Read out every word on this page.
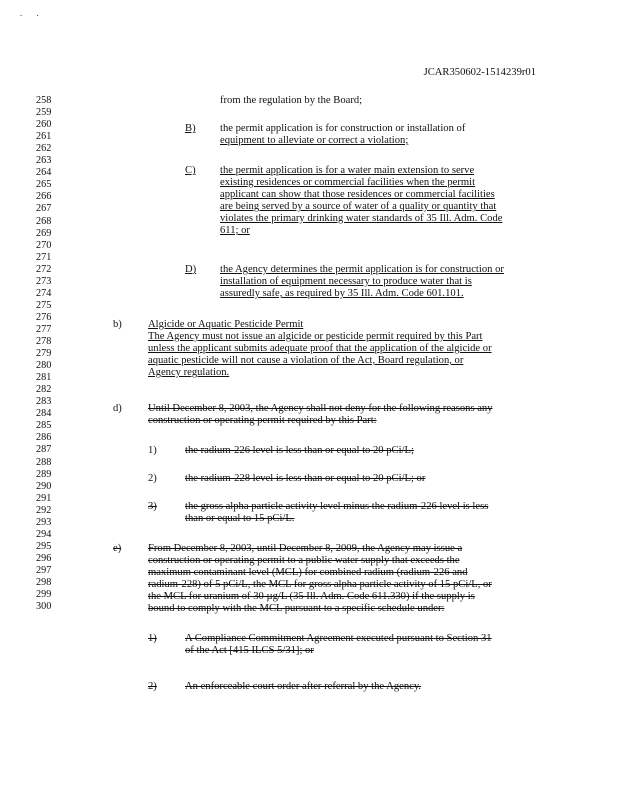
. .
JCAR350602-1514239r01
258
259
260
261
262
263
264
265
266
267
268
269
270
271
272
273
274
275
276
277
278
279
280
281
282
283
284
285
286
287
288
289
290
291
292
293
294
295
296
297
298
299
300
from the regulation by the Board;
B) the permit application is for construction or installation of
equipment to alleviate or correct a violation;
C) the permit application is for a water main extension to serve
existing residences or commercial facilities when the permit
applicant can show that those residences or commercial facilities
are being served by a source of water of a quality or quantity that
violates the primary drinking water standards of 35 Ill. Adm. Code
611; or
D) the Agency determines the permit application is for construction or
installation of equipment necessary to produce water that is
assuredly safe, as required by 35 Ill. Adm. Code 601.101.
b) Algicide or Aquatic Pesticide Permit
The Agency must not issue an algicide or pesticide permit required by this Part
unless the applicant submits adequate proof that the application of the algicide or
aquatic pesticide will not cause a violation of the Act, Board regulation, or
Agency regulation.
d) Until December 8, 2003, the Agency shall not deny for the following reasons any
construction or operating permit required by this Part:
1)	the radium-226 level is less than or equal to 20 pCi/L;
2)	the radium-228 level is less than or equal to 20 pCi/L; or
3)	the gross alpha particle activity level minus the radium-226 level is less
than or equal to 15 pCi/L.
e)	From December 8, 2003, until December 8, 2009, the Agency may issue a
construction or operating permit to a public water supply that exceeds the
maximum contaminant level (MCL) for combined radium (radium-226 and
radium-228) of 5 pCi/L, the MCL for gross alpha particle activity of 15 pCi/L, or
the MCL for uranium of 30 µg/L (35 Ill. Adm. Code 611.330) if the supply is
bound to comply with the MCL pursuant to a specific schedule under:
1)	A Compliance Commitment Agreement executed pursuant to Section 31
of the Act [415 ILCS 5/31]; or
2)	An enforceable court order after referral by the Agency.
